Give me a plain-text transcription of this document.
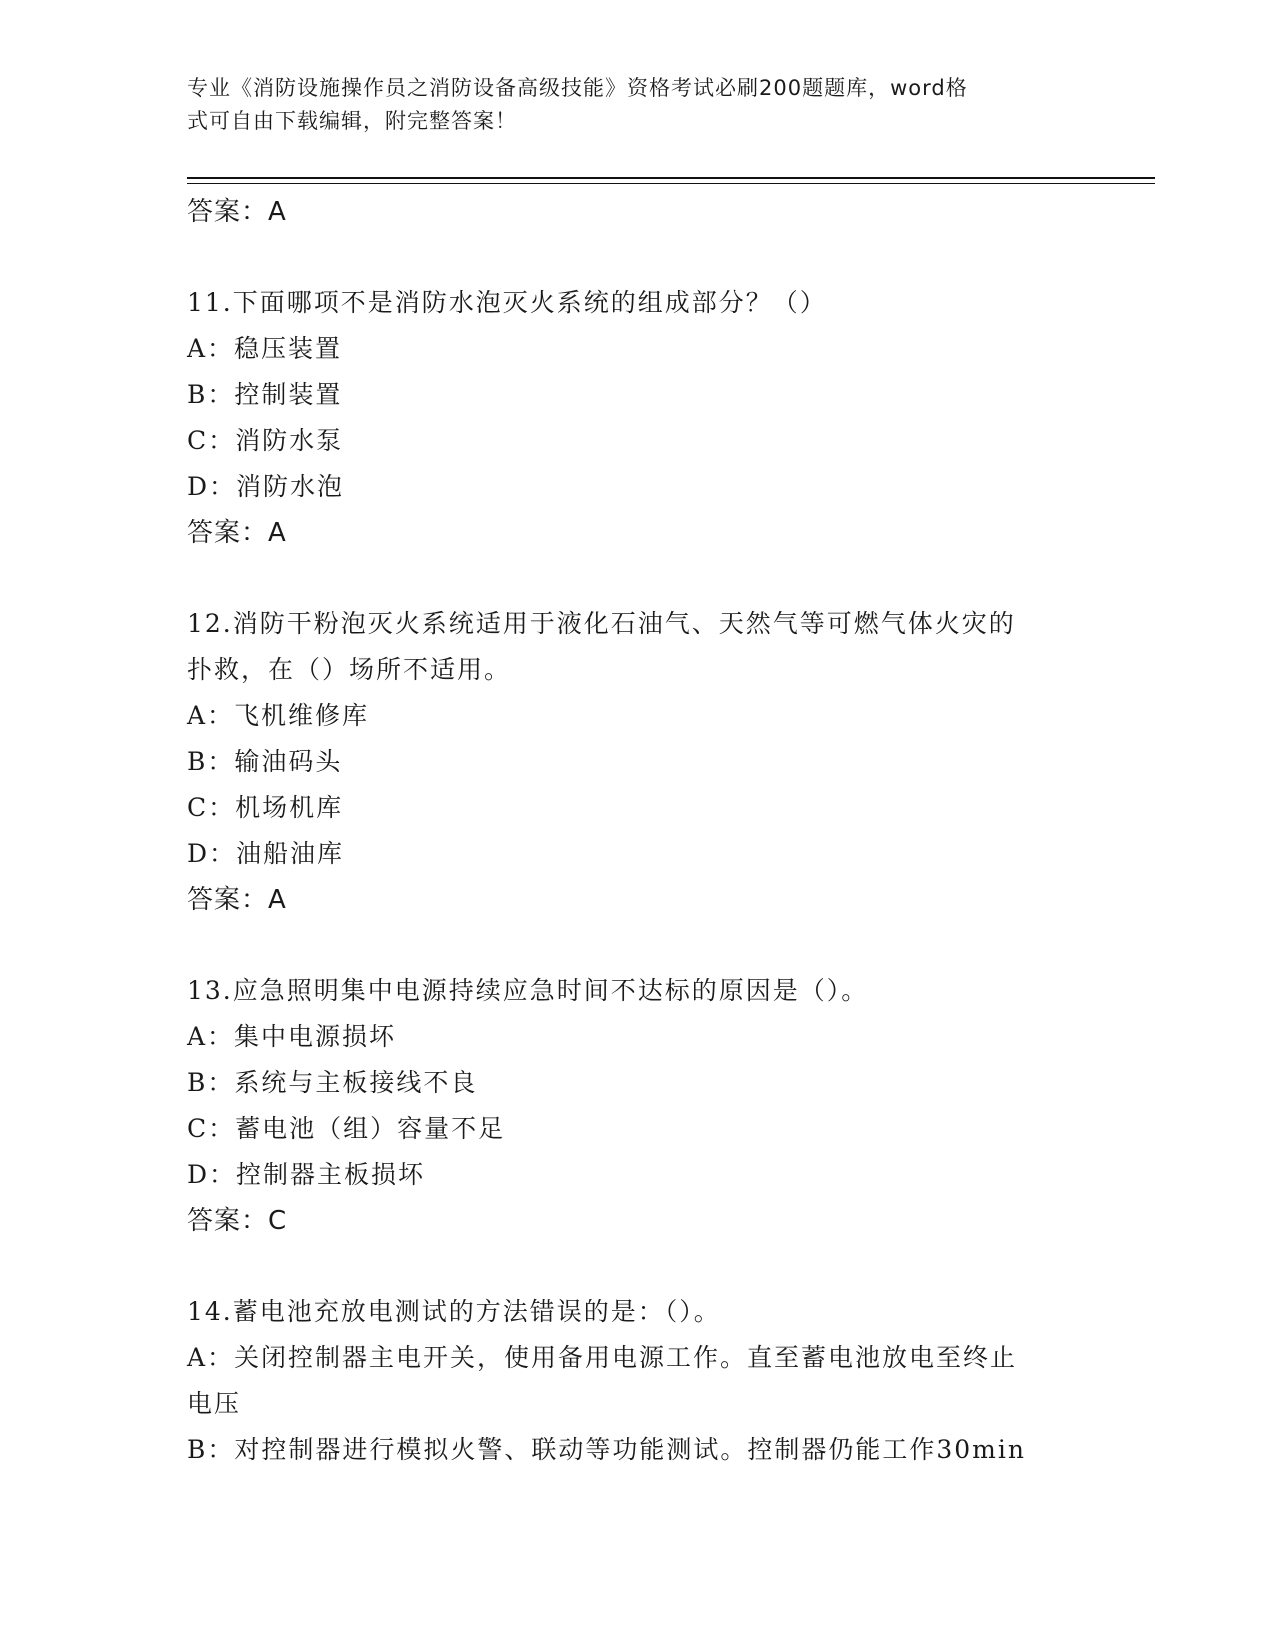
专业《消防设施操作员之消防设备高级技能》资格考试必刷200题题库，word格
式可自由下载编辑，附完整答案！
答案：A
11.下面哪项不是消防水泡灭火系统的组成部分？（）
A：稳压装置
B：控制装置
C：消防水泵
D：消防水泡
答案：A
12.消防干粉泡灭火系统适用于液化石油气、天然气等可燃气体火灾的
扑救，在（）场所不适用。
A：飞机维修库
B：输油码头
C：机场机库
D：油船油库
答案：A
13.应急照明集中电源持续应急时间不达标的原因是（）。
A：集中电源损坏
B：系统与主板接线不良
C：蓄电池（组）容量不足
D：控制器主板损坏
答案：C
14.蓄电池充放电测试的方法错误的是：（）。
A：关闭控制器主电开关，使用备用电源工作。直至蓄电池放电至终止
电压
B：对控制器进行模拟火警、联动等功能测试。控制器仍能工作30min
